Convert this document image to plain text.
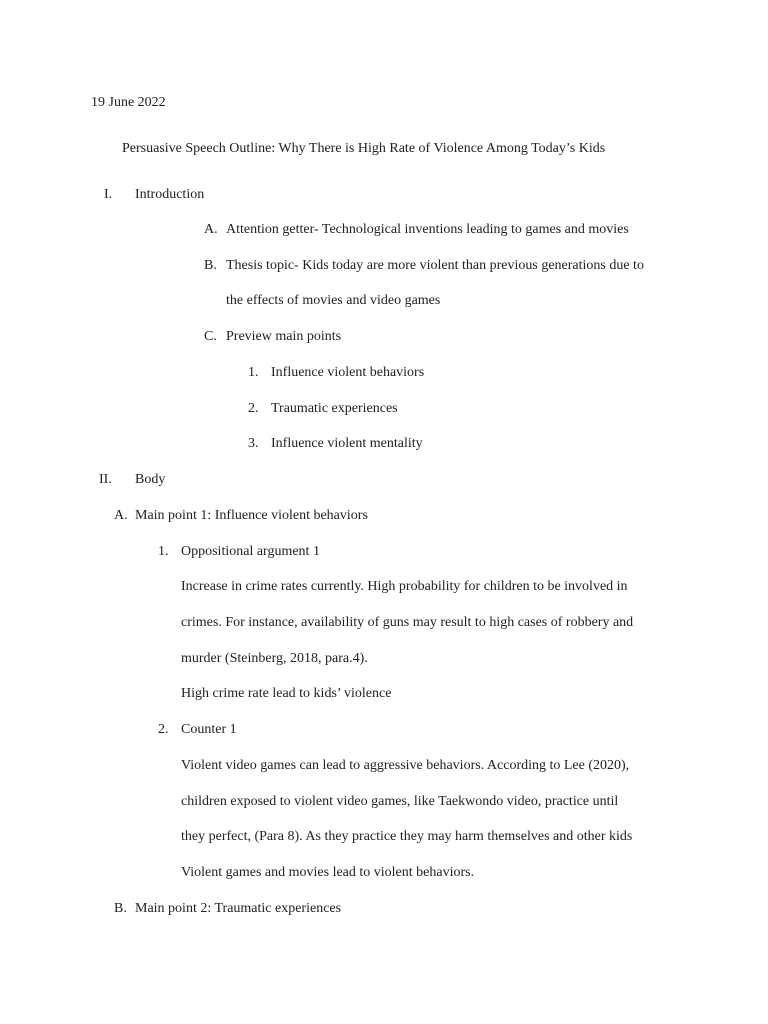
19 June 2022
Persuasive Speech Outline: Why There is High Rate of Violence Among Today’s Kids
I. Introduction
A. Attention getter- Technological inventions leading to games and movies
B. Thesis topic- Kids today are more violent than previous generations due to
the effects of movies and video games
C. Preview main points
1. Influence violent behaviors
2. Traumatic experiences
3. Influence violent mentality
II. Body
A. Main point 1: Influence violent behaviors
1. Oppositional argument 1
Increase in crime rates currently. High probability for children to be involved in
crimes. For instance, availability of guns may result to high cases of robbery and
murder (Steinberg, 2018, para.4).
High crime rate lead to kids’ violence
2. Counter 1
Violent video games can lead to aggressive behaviors. According to Lee (2020),
children exposed to violent video games, like Taekwondo video, practice until
they perfect, (Para 8). As they practice they may harm themselves and other kids
Violent games and movies lead to violent behaviors.
B. Main point 2: Traumatic experiences
